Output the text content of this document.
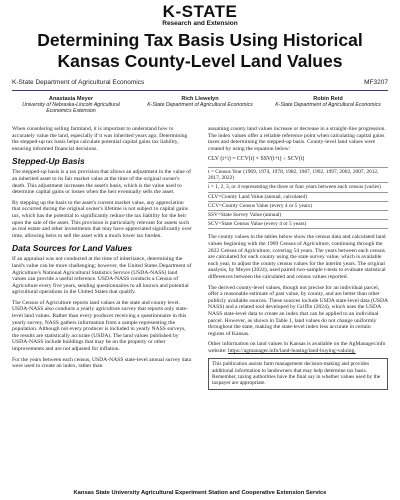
K-STATE
Research and Extension
Determining Tax Basis Using Historical Kansas County-Level Land Values
K-State Department of Agricultural Economics	MF3207
Anastasia Meyer
University of Nebraska-Lincoln Agricultural Economics Extension
Rich Llewelyn
K-State Department of Agricultural Economics
Robin Reid
K-State Department of Agricultural Economics

When considering selling farmland, it is important to understand how to accurately value the land, especially if it was inherited years ago. Determining the stepped-up tax basis helps calculate potential capital gains tax liability, ensuring informed financial decisions.

Stepped-Up Basis

The stepped-up basis is a tax provision that allows an adjustment in the value of an inherited asset to its fair market value at the time of the original owner's death. This adjustment increases the asset's basis, which is the value used to determine capital gains or losses when the heir eventually sells the asset.

By stepping up the basis to the asset's current market value, any appreciation that occurred during the original owner's lifetime is not subject to capital gains tax, which has the potential to significantly reduce the tax liability for the heir upon the sale of the asset. This provision is particularly relevant for assets such as real estate and other investments that may have appreciated significantly over time, allowing heirs to sell the asset with a much lower tax burden.

Data Sources for Land Values

If an appraisal was not conducted at the time of inheritance, determining the land's value can be more challenging; however, the United States Department of Agriculture's National Agricultural Statistics Service (USDA-NASS) land values can provide a useful reference. USDA-NASS conducts a Census of Agriculture every five years, sending questionnaires to all known and potential agricultural operations in the United States that qualify.

The Census of Agriculture reports land values at the state and county level. USDA-NASS also conducts a yearly agriculture survey that reports only state-level land values. Rather than every producer receiving a questionnaire in this yearly survey, NASS gathers information from a sample representing the population. Although not every producer is included in yearly NASS surveys, the results are statistically accurate (USDA). The land values published by USDA-NASS include buildings that may be on the property or other improvements and are not adjusted for inflation.

For the years between each census, USDA-NASS state-level annual survey data were used to create an index, rather than

assuming county land values increase or decrease in a straight-line progression. The index values offer a reliable reference point when calculating capital gains taxes and determining the stepped-up basis. County-level land values were created by using the equation below:

CLV (t+i) = CCV(t) × SSV(t+i) ÷ SCV(t)
t = Census Year (1969, 1974, 1978, 1982, 1987, 1992, 1997, 2002, 2007, 2012, 2017, 2022)
i = 1, 2, 3, or 4 representing the three or four years between each census (varies)
CLV=County Land Value (annual, calculated)
CCV=County Census Value (every 4 or 5 years)
SSV=State Survey Value (annual)
SCV=State Census Value (every 4 or 5 years)

The county values in the tables below show the census data and calculated land values beginning with the 1969 Census of Agriculture, continuing through the 2022 Census of Agriculture, covering 54 years. The years between each census are calculated for each county using the state survey value, which is available each year, to adjust the county census values for the interim years. The original analysis, by Meyer (2024), used paired two-sample t-tests to evaluate statistical differences between the calculated and census values reported.

The derived county-level values, though not precise for an individual parcel, offer a reasonable estimate of past value, by county, and are better than other publicly available sources. These sources include USDA state-level data (USDA NASS) and a related tool developed by Griffin (2024), which uses the USDA NASS state-level data to create an index that can be applied to an individual parcel. However, as shown in Table 1, land values do not change uniformly throughout the state, making the state-level index less accurate in certain regions of Kansas.

Other information on land values in Kansas is available on the AgManager.info website: https://agmanager.info/land-leasing/land-buying-valuing.

This publication assists farm management decision-making and provides additional information to landowners that may help determine tax basis. Remember, taxing authorities have the final say in whether values used by the taxpayer are appropriate.
Kansas State University Agricultural Experiment Station and Cooperative Extension Service
